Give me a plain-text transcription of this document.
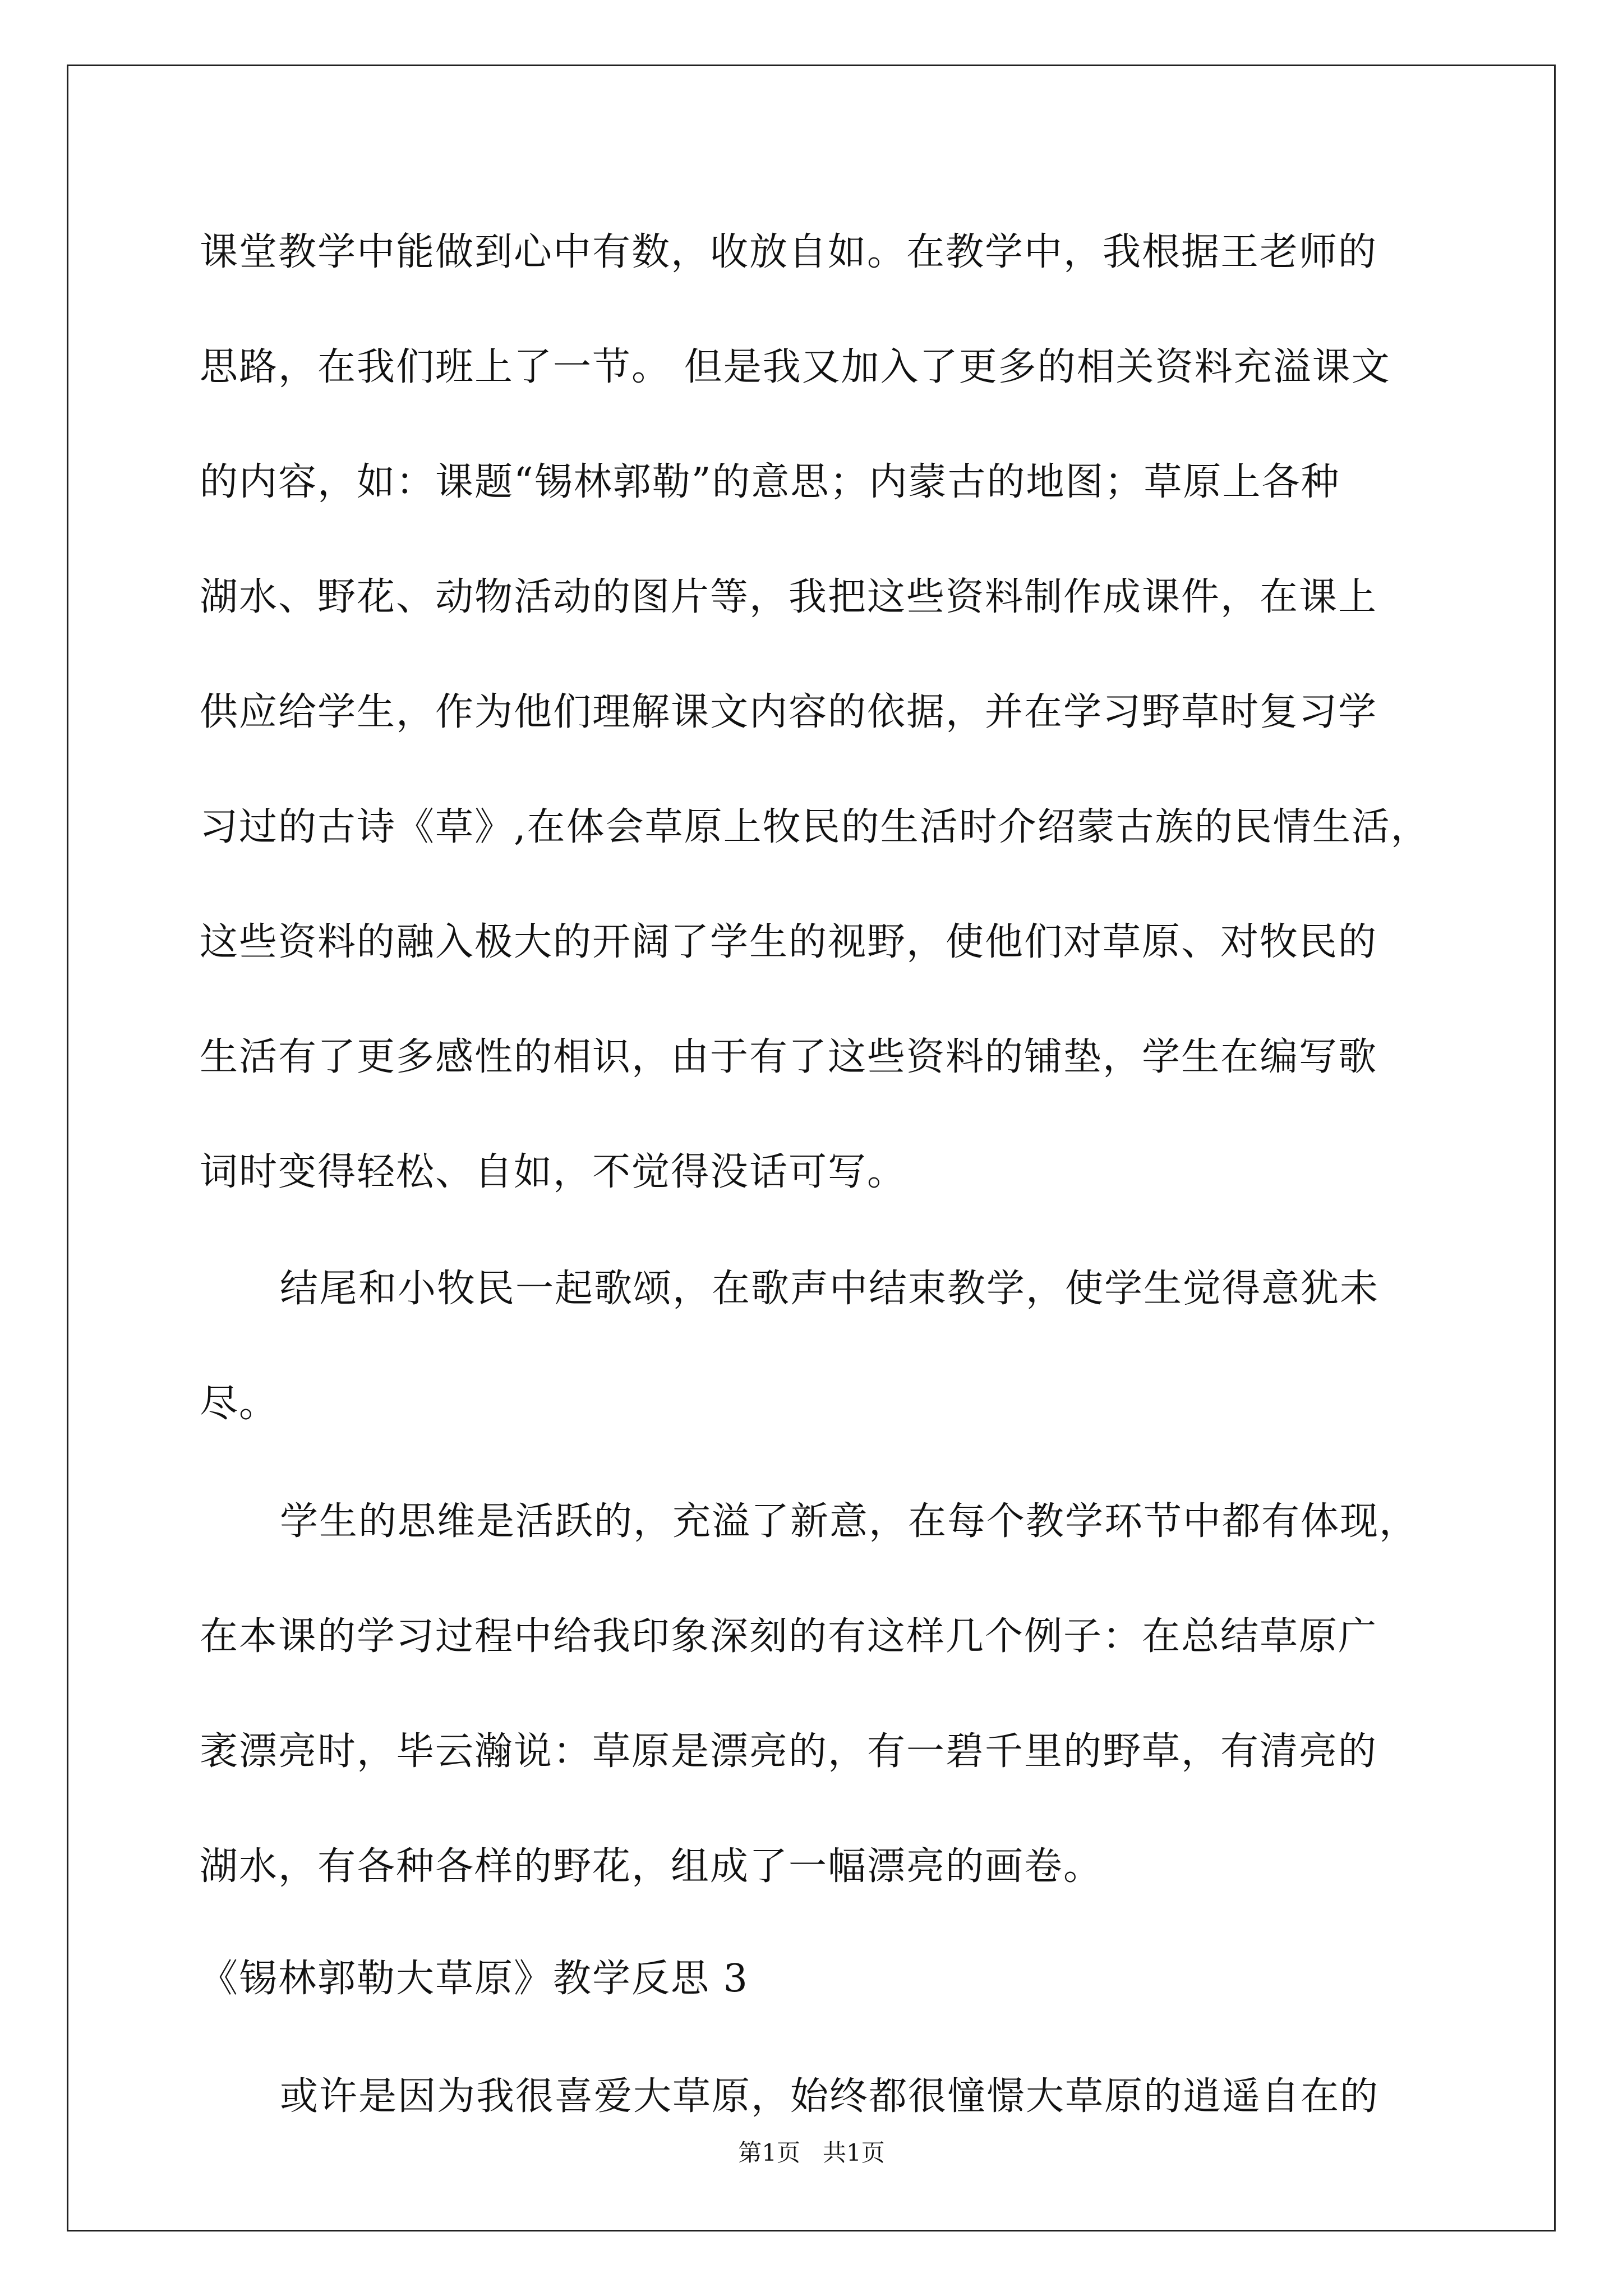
课堂教学中能做到心中有数，收放自如。在教学中，我根据王老师的
思路，在我们班上了一节。 但是我又加入了更多的相关资料充溢课文
的内容，如：课题“锡林郭勒”的意思；内蒙古的地图；草原上各种
湖水、野花、动物活动的图片等，我把这些资料制作成课件，在课上
供应给学生，作为他们理解课文内容的依据，并在学习野草时复习学
习过的古诗《草》,在体会草原上牧民的生活时介绍蒙古族的民情生活，
这些资料的融入极大的开阔了学生的视野，使他们对草原、对牧民的
生活有了更多感性的相识，由于有了这些资料的铺垫，学生在编写歌
词时变得轻松、自如，不觉得没话可写。
结尾和小牧民一起歌颂，在歌声中结束教学，使学生觉得意犹未
尽。
学生的思维是活跃的，充溢了新意，在每个教学环节中都有体现，
在本课的学习过程中给我印象深刻的有这样几个例子：在总结草原广
袤漂亮时，毕云瀚说：草原是漂亮的，有一碧千里的野草，有清亮的
湖水，有各种各样的野花，组成了一幅漂亮的画卷。
《锡林郭勒大草原》教学反思 3
或许是因为我很喜爱大草原，始终都很憧憬大草原的逍遥自在的
第1页   共1页
